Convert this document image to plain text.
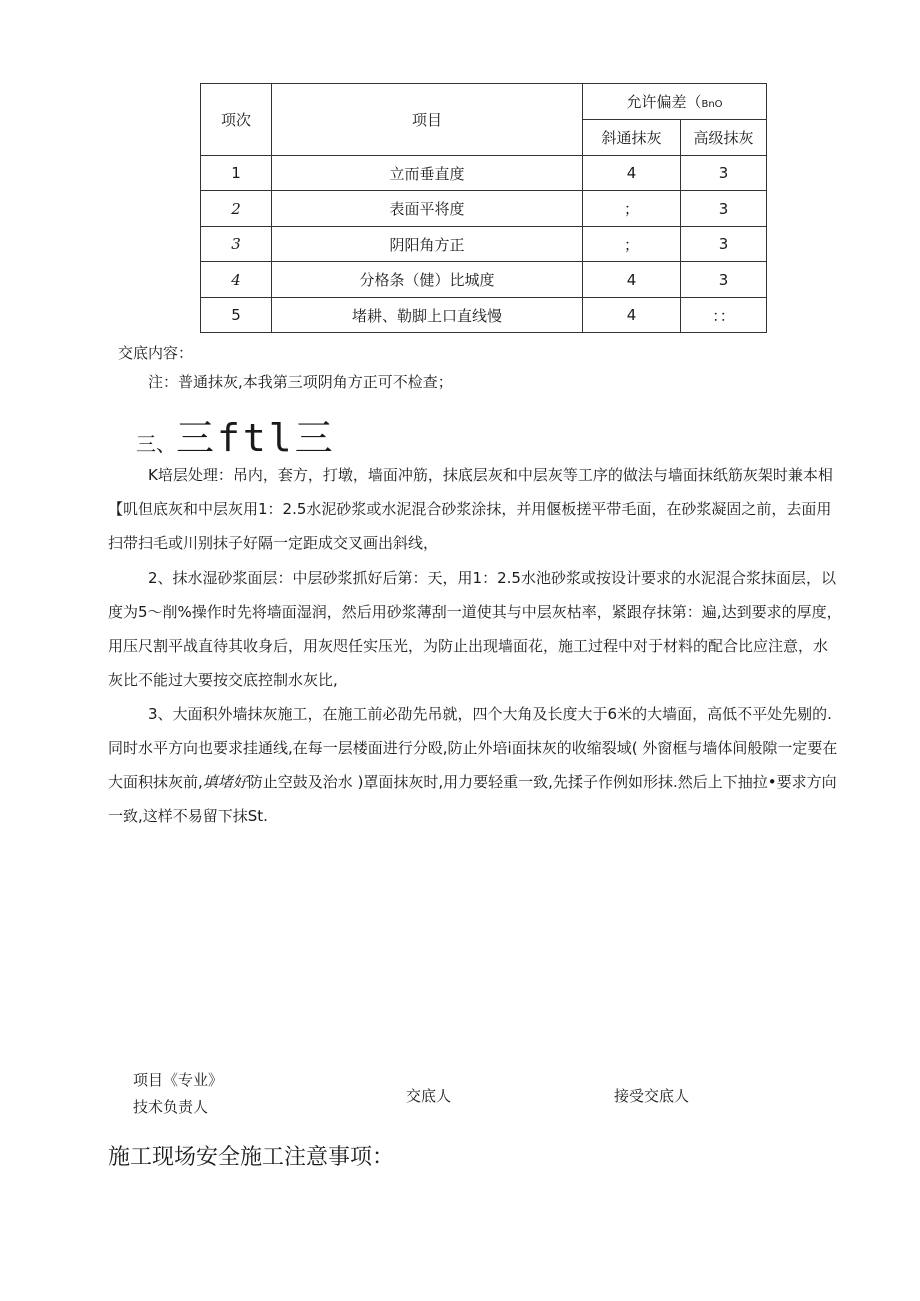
项次	项目	允许偏差（BnO	
		斜通抹灰	高级抹灰
1	立而垂直度	4	3
2	表面平将度	；	3
3	阴阳角方正	；	3
4	分格条（健）比城度	4	3
5	堵耕、勒脚上口直线慢	4	：：
交底内容：
注：普通抹灰,本我第三项阴角方正可不检查；
三、三ftl三
K培层处理：吊内，套方，打墩，墙面冲筋，抹底层灰和中层灰等工序的做法与墙面抹纸筋灰架时兼本相
【叽但底灰和中层灰用1：2.5水泥砂浆或水泥混合砂浆涂抹，并用偃板搓平带毛面，在砂浆凝固之前，去面用
扫带扫毛或川别抹子好隔一定距成交叉画出斜线，
2、抹水湿砂浆面层：中层砂浆抓好后第：天，用1：2.5水池砂浆或按设计要求的水泥混合浆抹面层，以
度为5〜削%操作时先将墙面湿润，然后用砂浆薄刮一道使其与中层灰枯率，紧跟存抹第：遍,达到要求的厚度，
用压尺割平战直待其收身后，用灰咫任实压光，为防止出现墙面花，施工过程中对于材料的配合比应注意，水
灰比不能过大要按交底控制水灰比,
3、大面积外墙抹灰施工，在施工前必劭先吊就，四个大角及长度大于6米的大墙面，高低不平处先剔的.
同时水平方向也要求挂通线,在每一层楼面进行分殴,防止外培i面抹灰的收缩裂域( 外窗框与墙体间般隙一定要在
大面积抹灰前,填堵好防止空鼓及治水 )罩面抹灰时,用力要轻重一致,先揉子作例如形抹.然后上下抽拉•要求方向
一致,这样不易留下抹St.
项目《专业》
技术负责人
交底人	接受交底人
施工现场安全施工注意事项：
